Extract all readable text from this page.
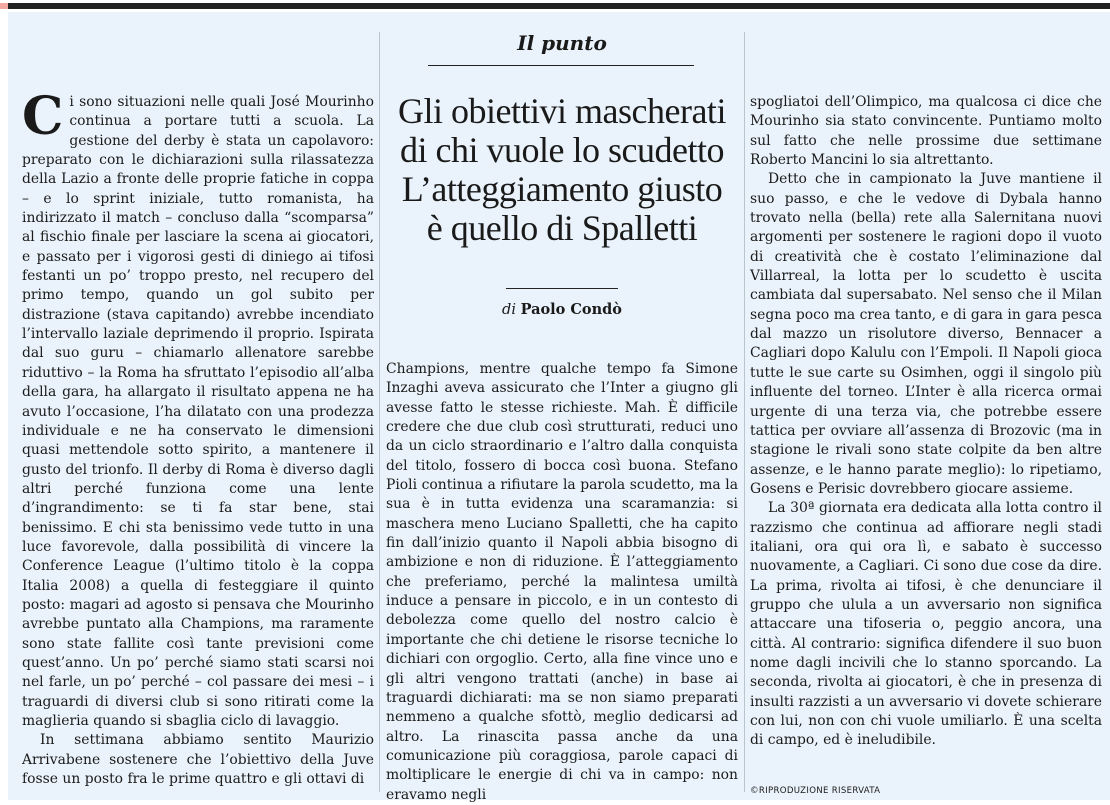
Il punto
Gli obiettivi mascherati
di chi vuole lo scudetto
L’atteggiamento giusto
è quello di Spalletti
di Paolo Condò

Ci sono situazioni nelle quali José Mourinho continua a portare tutti a scuola. La gestione del derby è stata un capolavoro: preparato con le dichiarazioni sulla rilassatezza della Lazio a fronte delle proprie fatiche in coppa – e lo sprint iniziale, tutto romanista, ha indirizzato il match – concluso dalla “scomparsa” al fischio finale per lasciare la scena ai giocatori, e passato per i vigorosi gesti di diniego ai tifosi festanti un po’ troppo presto, nel recupero del primo tempo, quando un gol subito per distrazione (stava capitando) avrebbe incendiato l’intervallo laziale deprimendo il proprio. Ispirata dal suo guru – chiamarlo allenatore sarebbe riduttivo – la Roma ha sfruttato l’episodio all’alba della gara, ha allargato il risultato appena ne ha avuto l’occasione, l’ha dilatato con una prodezza individuale e ne ha conservato le dimensioni quasi mettendole sotto spirito, a mantenere il gusto del trionfo. Il derby di Roma è diverso dagli altri perché funziona come una lente d’ingrandimento: se ti fa star bene, stai benissimo. E chi sta benissimo vede tutto in una luce favorevole, dalla possibilità di vincere la Conference League (l’ultimo titolo è la coppa Italia 2008) a quella di festeggiare il quinto posto: magari ad agosto si pensava che Mourinho avrebbe puntato alla Champions, ma raramente sono state fallite così tante previsioni come quest’anno. Un po’ perché siamo stati scarsi noi nel farle, un po’ perché – col passare dei mesi – i traguardi di diversi club si sono ritirati come la maglieria quando si sbaglia ciclo di lavaggio.

In settimana abbiamo sentito Maurizio Arrivabene sostenere che l’obiettivo della Juve fosse un posto fra le prime quattro e gli ottavi di

Champions, mentre qualche tempo fa Simone Inzaghi aveva assicurato che l’Inter a giugno gli avesse fatto le stesse richieste. Mah. È difficile credere che due club così strutturati, reduci uno da un ciclo straordinario e l’altro dalla conquista del titolo, fossero di bocca così buona. Stefano Pioli continua a rifiutare la parola scudetto, ma la sua è in tutta evidenza una scaramanzia: si maschera meno Luciano Spalletti, che ha capito fin dall’inizio quanto il Napoli abbia bisogno di ambizione e non di riduzione. È l’atteggiamento che preferiamo, perché la malintesa umiltà induce a pensare in piccolo, e in un contesto di debolezza come quello del nostro calcio è importante che chi detiene le risorse tecniche lo dichiari con orgoglio. Certo, alla fine vince uno e gli altri vengono trattati (anche) in base ai traguardi dichiarati: ma se non siamo preparati nemmeno a qualche sfottò, meglio dedicarsi ad altro. La rinascita passa anche da una comunicazione più coraggiosa, parole capaci di moltiplicare le energie di chi va in campo: non eravamo negli

spogliatoi dell’Olimpico, ma qualcosa ci dice che Mourinho sia stato convincente. Puntiamo molto sul fatto che nelle prossime due settimane Roberto Mancini lo sia altrettanto.

Detto che in campionato la Juve mantiene il suo passo, e che le vedove di Dybala hanno trovato nella (bella) rete alla Salernitana nuovi argomenti per sostenere le ragioni dopo il vuoto di creatività che è costato l’eliminazione dal Villarreal, la lotta per lo scudetto è uscita cambiata dal supersabato. Nel senso che il Milan segna poco ma crea tanto, e di gara in gara pesca dal mazzo un risolutore diverso, Bennacer a Cagliari dopo Kalulu con l’Empoli. Il Napoli gioca tutte le sue carte su Osimhen, oggi il singolo più influente del torneo. L’Inter è alla ricerca ormai urgente di una terza via, che potrebbe essere tattica per ovviare all’assenza di Brozovic (ma in stagione le rivali sono state colpite da ben altre assenze, e le hanno parate meglio): lo ripetiamo, Gosens e Perisic dovrebbero giocare assieme.

La 30ª giornata era dedicata alla lotta contro il razzismo che continua ad affiorare negli stadi italiani, ora qui ora lì, e sabato è successo nuovamente, a Cagliari. Ci sono due cose da dire. La prima, rivolta ai tifosi, è che denunciare il gruppo che ulula a un avversario non significa attaccare una tifoseria o, peggio ancora, una città. Al contrario: significa difendere il suo buon nome dagli incivili che lo stanno sporcando. La seconda, rivolta ai giocatori, è che in presenza di insulti razzisti a un avversario vi dovete schierare con lui, non con chi vuole umiliarlo. È una scelta di campo, ed è ineludibile.

©RIPRODUZIONE RISERVATA
